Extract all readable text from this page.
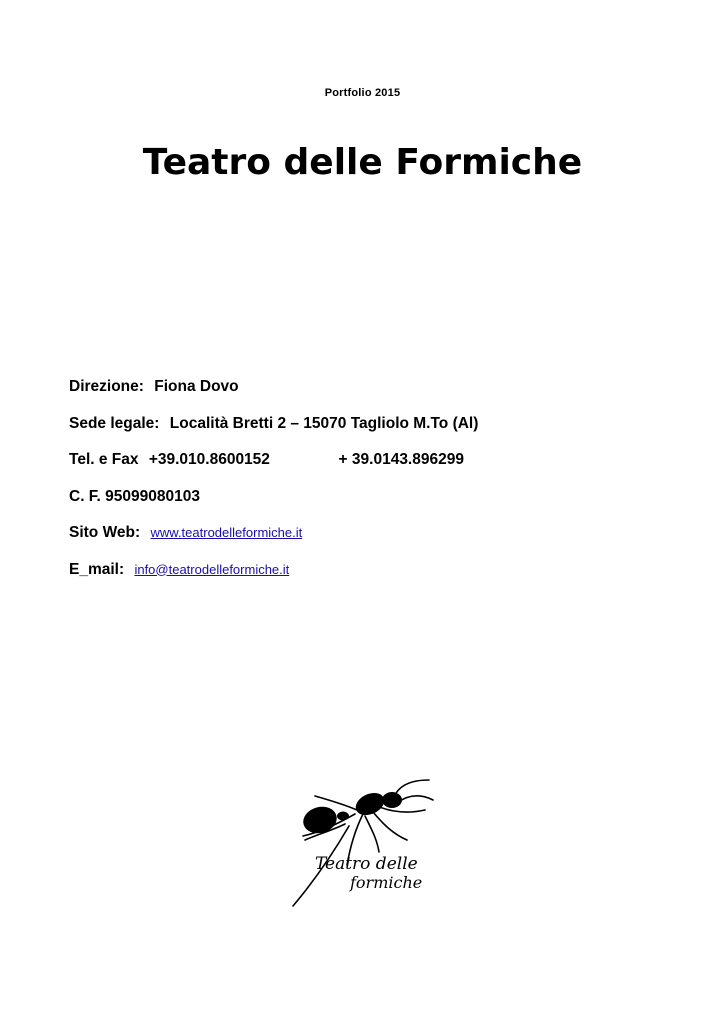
Portfolio 2015
Teatro delle Formiche
Direzione: Fiona Dovo
Sede legale: Località Bretti 2 – 15070 Tagliolo M.To (Al)
Tel. e Fax +39.010.8600152	+ 39.0143.896299
C. F. 95099080103
Sito Web: www.teatrodelleformiche.it
E_mail: info@teatrodelleformiche.it
Teatro delle
formiche
